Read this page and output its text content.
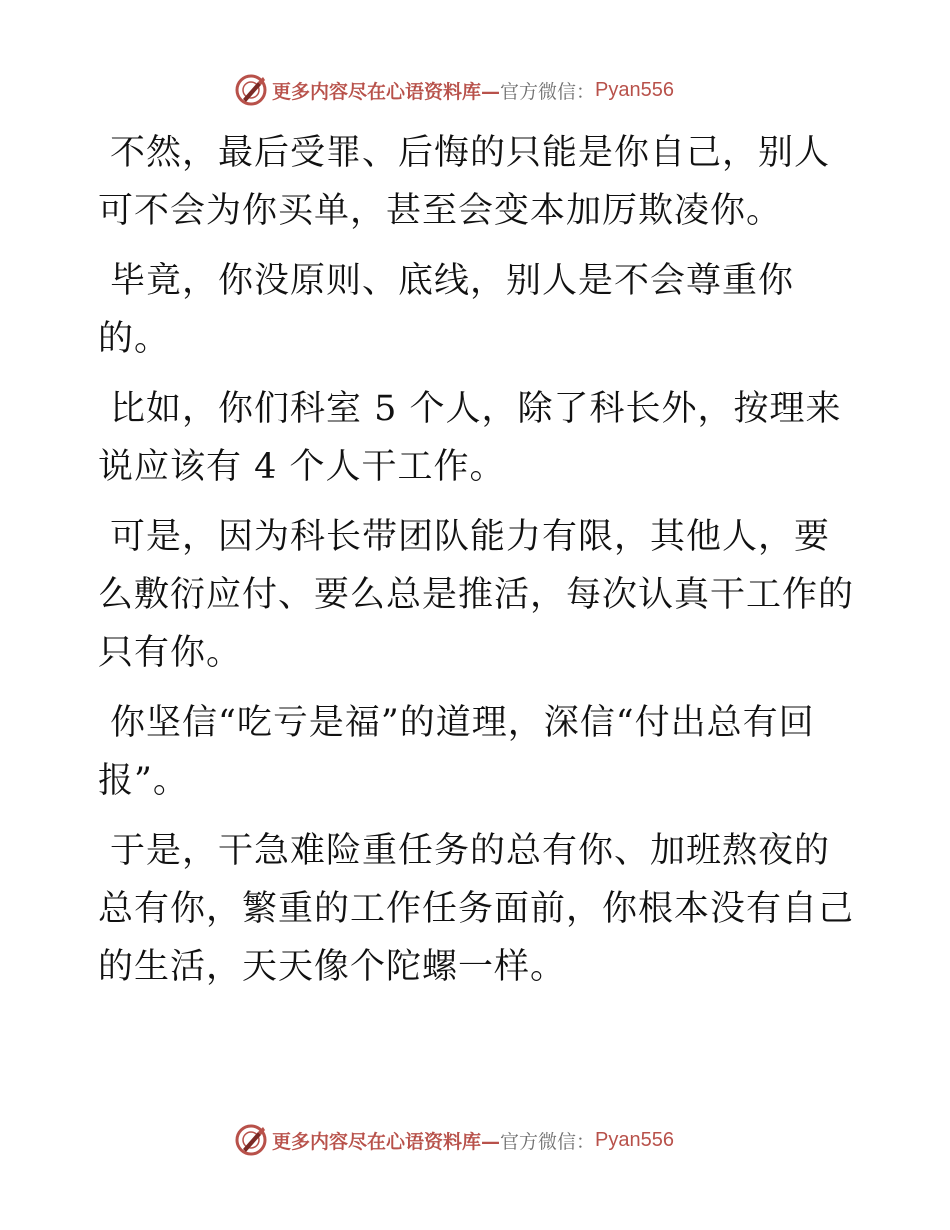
更多内容尽在心语资料库— 官方微信： Pyan556

不然，最后受罪、后悔的只能是你自己，别人可不会为你买单，甚至会变本加厉欺凌你。

毕竟，你没原则、底线，别人是不会尊重你的。

比如，你们科室 5 个人，除了科长外，按理来说应该有 4 个人干工作。

可是，因为科长带团队能力有限，其他人，要么敷衍应付、要么总是推活，每次认真干工作的只有你。

你坚信“吃亏是福”的道理，深信“付出总有回报”。

于是，干急难险重任务的总有你、加班熬夜的总有你，繁重的工作任务面前，你根本没有自己的生活，天天像个陀螺一样。

更多内容尽在心语资料库— 官方微信： Pyan556
